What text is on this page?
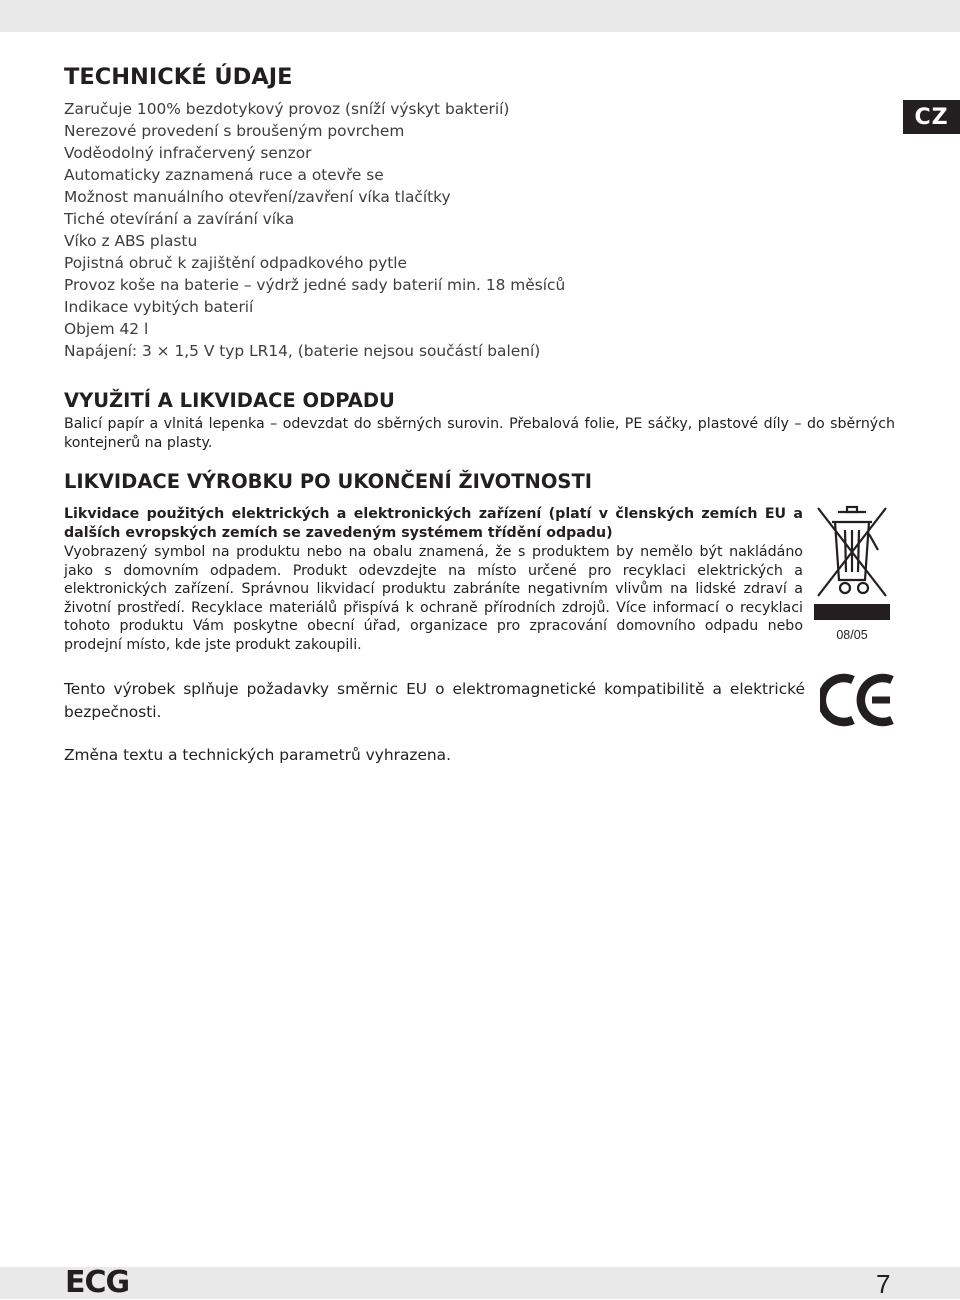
CZ
TECHNICKÉ ÚDAJE
Zaručuje 100% bezdotykový provoz (sníží výskyt bakterií)
Nerezové provedení s broušeným povrchem
Voděodolný infračervený senzor
Automaticky zaznamená ruce a otevře se
Možnost manuálního otevření/zavření víka tlačítky
Tiché otevírání a zavírání víka
Víko z ABS plastu
Pojistná obruč k zajištění odpadkového pytle
Provoz koše na baterie – výdrž jedné sady baterií min. 18 měsíců
Indikace vybitých baterií
Objem 42 l
Napájení: 3 × 1,5 V typ LR14, (baterie nejsou součástí balení)
VYUŽITÍ A LIKVIDACE ODPADU

Balicí papír a vlnitá lepenka – odevzdat do sběrných surovin. Přebalová folie, PE sáčky, plastové díly – do sběrných kontejnerů na plasty.

LIKVIDACE VÝROBKU PO UKONČENÍ ŽIVOTNOSTI

Likvidace použitých elektrických a elektronických zařízení (platí v členských zemích EU a dalších evropských zemích se zavedeným systémem třídění odpadu)

Vyobrazený symbol na produktu nebo na obalu znamená, že s produktem by nemělo být nakládáno jako s domovním odpadem. Produkt odevzdejte na místo určené pro recyklaci elektrických a elektronických zařízení. Správnou likvidací produktu zabráníte negativním vlivům na lidské zdraví a životní prostředí. Recyklace materiálů přispívá k ochraně přírodních zdrojů. Více informací o recyklaci tohoto produktu Vám poskytne obecní úřad, organizace pro zpracování domovního odpadu nebo prodejní místo, kde jste produkt zakoupili.

08/05

Tento výrobek splňuje požadavky směrnic EU o elektromagnetické kompatibilitě a elektrické bezpečnosti.

Změna textu a technických parametrů vyhrazena.

ECG	7
